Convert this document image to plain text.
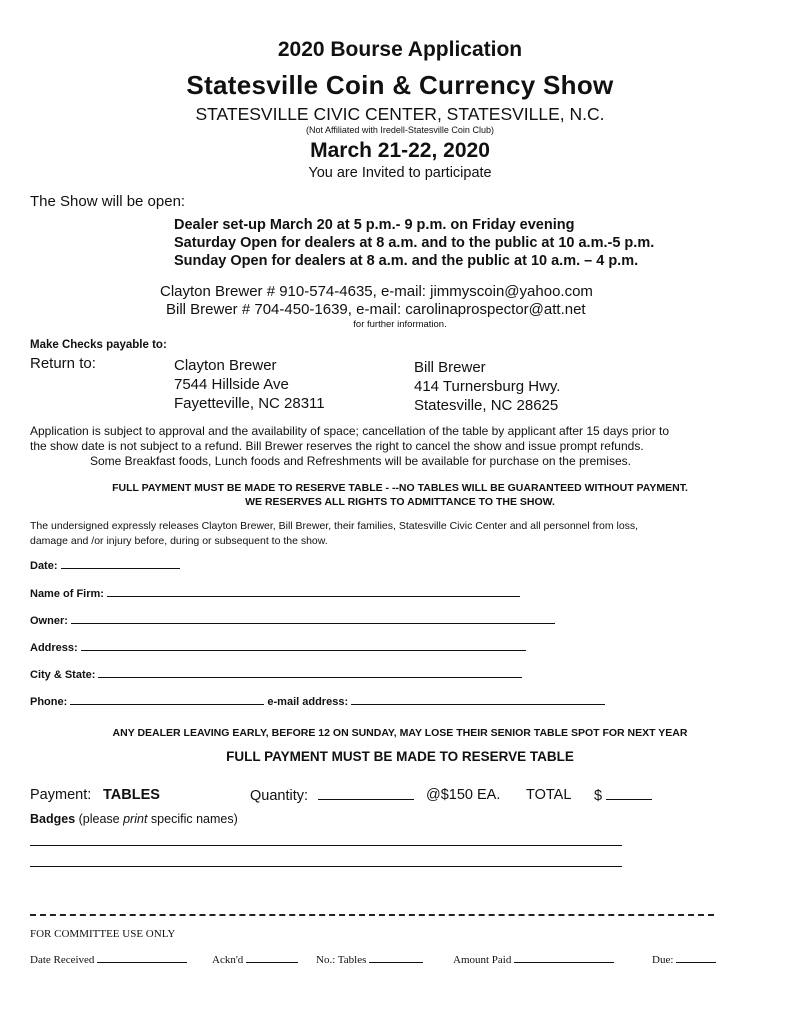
2020 Bourse Application
Statesville Coin & Currency Show
STATESVILLE CIVIC CENTER, STATESVILLE, N.C.
(Not Affiliated with Iredell-Statesville Coin Club)
March 21-22, 2020
You are Invited to participate
The Show will be open:
Dealer set-up March 20 at 5 p.m.- 9 p.m. on Friday evening
Saturday Open for dealers at 8 a.m. and to the public at 10 a.m.-5 p.m.
Sunday Open for dealers at 8 a.m. and the public at 10 a.m. – 4 p.m.
Clayton Brewer # 910-574-4635, e-mail: jimmyscoin@yahoo.com
Bill Brewer # 704-450-1639, e-mail: carolinaprospector@att.net
for further information.
Make Checks payable to:
Return to:	Clayton Brewer
7544 Hillside Ave
Fayetteville, NC 28311
Bill Brewer
414 Turnersburg Hwy.
Statesville, NC 28625
Application is subject to approval and the availability of space; cancellation of the table by applicant after 15 days prior to
the show date is not subject to a refund. Bill Brewer reserves the right to cancel the show and issue prompt refunds.
Some Breakfast foods, Lunch foods and Refreshments will be available for purchase on the premises.
FULL PAYMENT MUST BE MADE TO RESERVE TABLE - --NO TABLES WILL BE GUARANTEED WITHOUT PAYMENT.
WE RESERVES ALL RIGHTS TO ADMITTANCE TO THE SHOW.
The undersigned expressly releases Clayton Brewer, Bill Brewer, their families, Statesville Civic Center and all personnel from loss,
damage and /or injury before, during or subsequent to the show.
Date:
Name of Firm:
Owner:
Address:
City & State:
Phone:	e-mail address:
ANY DEALER LEAVING EARLY, BEFORE 12 ON SUNDAY, MAY LOSE THEIR SENIOR TABLE SPOT FOR NEXT YEAR
FULL PAYMENT MUST BE MADE TO RESERVE TABLE
Payment: TABLES	Quantity:	@$150 EA. TOTAL $
Badges (please print specific names)
FOR COMMITTEE USE ONLY
Date Received	Ackn'd	No.: Tables	Amount Paid	Due:
